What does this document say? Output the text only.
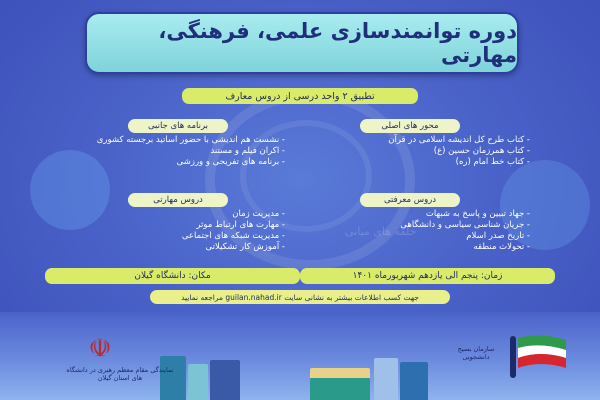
حلقه های میانی
دوره توانمندسازی علمی، فرهنگی، مهارتی
تطبیق ۲ واحد درسی از دروس معارف
محور های اصلی
- کتاب طرح کل اندیشه اسلامی در قرآن
- کتاب همرزمان حسین (ع)
- کتاب خط امام (ره)
برنامه های جانبی
- نشست هم اندیشی با حضور اساتید برجسته کشوری
- اکران فیلم و مستند
- برنامه های تفریحی و ورزشی
دروس معرفتی
- جهاد تبیین و پاسخ به شبهات
- جریان شناسی سیاسی و دانشگاهی
- تاریخ صدر اسلام
- تحولات منطقه
دروس مهارتی
- مدیریت زمان
- مهارت های ارتباط موثر
- مدیریت شبکه های اجتماعی
- آموزش کار تشکیلاتی
زمان: پنجم الی یازدهم شهریورماه ۱۴۰۱
مکان: دانشگاه گیلان
جهت کسب اطلاعات بیشتر به نشانی سایت guilan.nahad.ir مراجعه نمایید
☫
نمایندگی مقام معظم رهبری در دانشگاه های استان گیلان
سازمان بسیج دانشجویی
